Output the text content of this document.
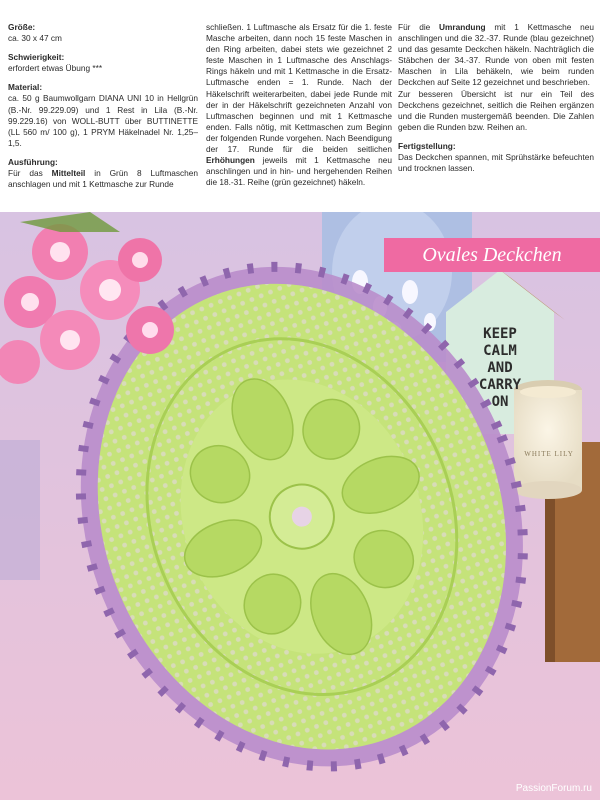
Größe:

ca. 30 x 47 cm

Schwierigkeit:

erfordert etwas Übung ***

Material:

ca. 50 g Baumwollgarn DIANA UNI 10 in Hellgrün (B.-Nr. 99.229.09) und 1 Rest in Lila (B.-Nr. 99.229.16) von WOLL-BUTT über BUTTINETTE (LL 560 m/ 100 g), 1 PRYM Häkelnadel Nr. 1,25–1,5.

Ausführung:

Für das Mittelteil in Grün 8 Luftmaschen anschlagen und mit 1 Kettmasche zur Runde

schließen. 1 Luftmasche als Ersatz für die 1. feste Masche arbeiten, dann noch 15 feste Maschen in den Ring arbeiten, dabei stets wie gezeichnet 2 feste Maschen in 1 Luftmasche des Anschlags-Rings häkeln und mit 1 Kettmasche in die Ersatz-Luftmasche enden = 1. Runde. Nach der Häkelschrift weiterarbeiten, dabei jede Runde mit der in der Häkelschrift gezeichneten Anzahl von Luftmaschen beginnen und mit 1 Kettmasche enden. Falls nötig, mit Kettmaschen zum Beginn der folgenden Runde vorgehen. Nach Beendigung der 17. Runde für die beiden seitlichen Erhöhungen jeweils mit 1 Kettmasche neu anschlingen und in hin- und hergehenden Reihen die 18.-31. Reihe (grün gezeichnet) häkeln.

Für die Umrandung mit 1 Kettmasche neu anschlingen und die 32.-37. Runde (blau gezeichnet) und das gesamte Deckchen häkeln. Nachträglich die Stäbchen der 34.-37. Runde von oben mit festen Maschen in Lila behäkeln, wie beim runden Deckchen auf Seite 12 gezeichnet und beschrieben.

Zur besseren Übersicht ist nur ein Teil des Deckchens gezeichnet, seitlich die Reihen ergänzen und die Runden mustergemäß beenden. Die Zahlen geben die Runden bzw. Reihen an.

Fertigstellung:

Das Deckchen spannen, mit Sprühstärke befeuchten und trocknen lassen.

PassionForum.ru
Ovales Deckchen
KEEP
CALM
AND
CARRY
ON
WHITE LILY
